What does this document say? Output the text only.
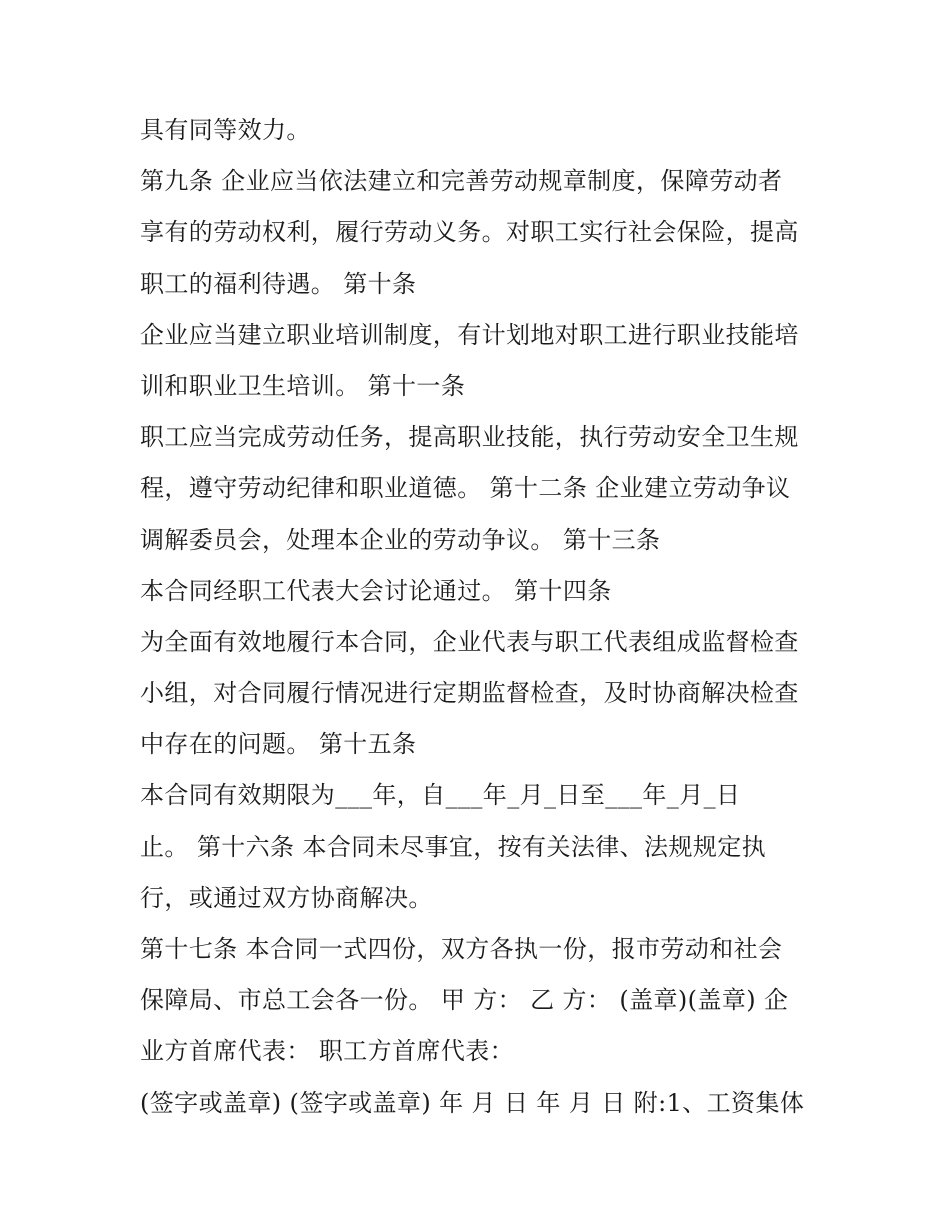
具有同等效力。
第九条 企业应当依法建立和完善劳动规章制度，保障劳动者
享有的劳动权利，履行劳动义务。对职工实行社会保险，提高
职工的福利待遇。 第十条
企业应当建立职业培训制度，有计划地对职工进行职业技能培
训和职业卫生培训。 第十一条
职工应当完成劳动任务，提高职业技能，执行劳动安全卫生规
程，遵守劳动纪律和职业道德。 第十二条 企业建立劳动争议
调解委员会，处理本企业的劳动争议。 第十三条
本合同经职工代表大会讨论通过。 第十四条
为全面有效地履行本合同，企业代表与职工代表组成监督检查
小组，对合同履行情况进行定期监督检查，及时协商解决检查
中存在的问题。 第十五条
本合同有效期限为___年，自___年_月_日至___年_月_日
止。 第十六条 本合同未尽事宜，按有关法律、法规规定执
行，或通过双方协商解决。
第十七条 本合同一式四份，双方各执一份，报市劳动和社会
保障局、市总工会各一份。 甲 方： 乙 方： (盖章)(盖章) 企
业方首席代表： 职工方首席代表：
(签字或盖章) (签字或盖章) 年 月 日 年 月 日 附:1、工资集体
